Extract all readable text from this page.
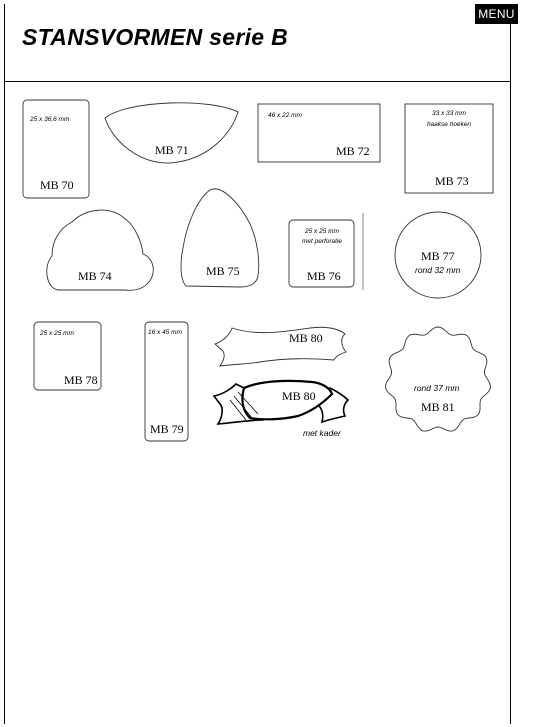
STANSVORMEN serie B
MENU
25 x 36,6 mm
MB 70
MB 71
46 x 22 mm
MB 72
33 x 33 mm
haakse hoeken
MB 73
MB 74	MB 75
25 x 25 mm
met perforatie
MB 76
MB 77
rond 32 mm
25 x 25 mm
MB 78
16 x 45 mm
MB 79
MB 80
MB 80
met kader
rond 37 mm
MB 81
